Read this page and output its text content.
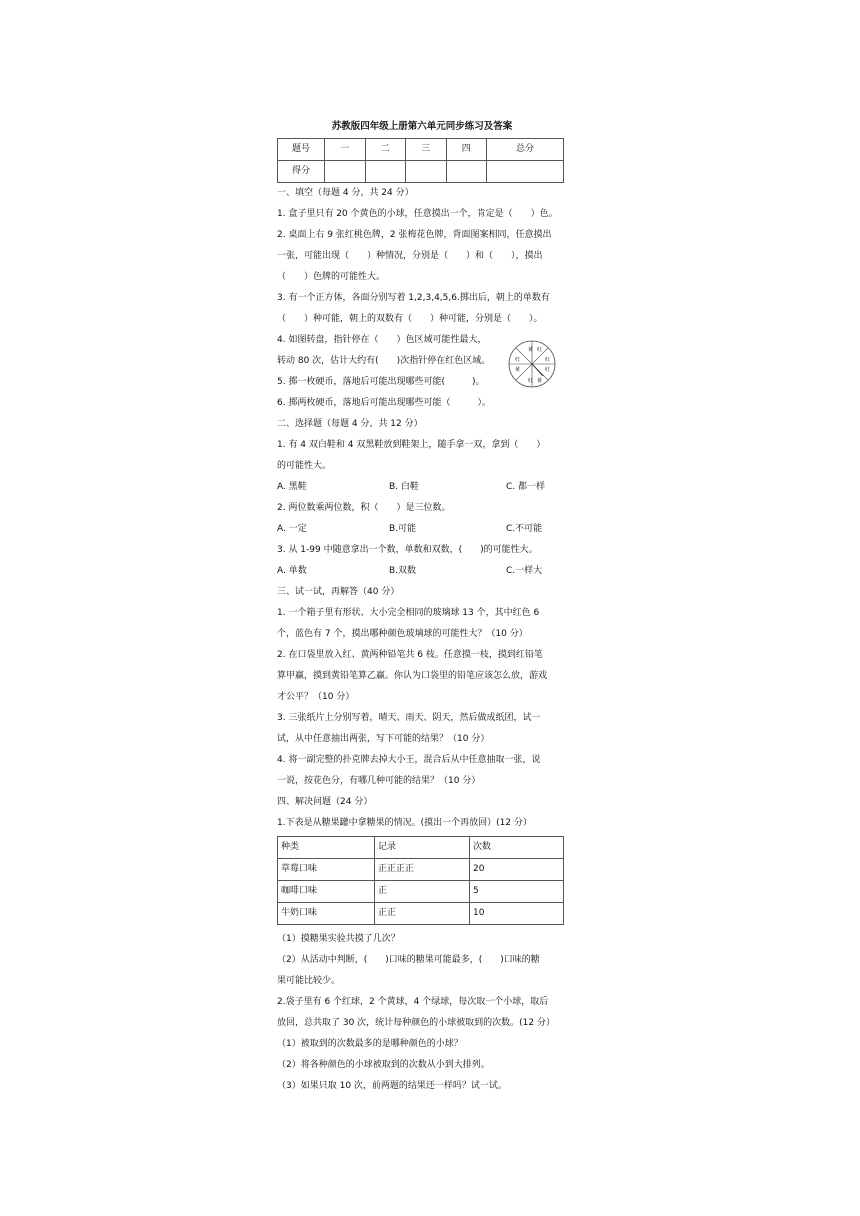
苏教版四年级上册第六单元同步练习及答案
题号	一	二	三	四	总分
得分					
一、填空（每题 4 分，共 24 分）
1. 盒子里只有 20 个黄色的小球，任意摸出一个，肯定是（　　）色。
2. 桌面上右 9 张红桃色牌，2 张梅花色牌，背面图案相同，任意摸出
一张，可能出现（　　）种情况，分别是（　　）和（　　），摸出
（　　）色牌的可能性大。
3. 有一个正方体，各面分别写着 1,2,3,4,5,6.掷出后，朝上的单数有
（　　）种可能，朝上的双数有（　　）种可能，分别是（　　）。
4. 如图转盘，指针停在（　　）色区域可能性最大，
转动 80 次，估计大约有(　　)次指针停在红色区域。
5. 掷一枚硬币，落地后可能出现哪些可能(　　　)。
6. 掷两枚硬币，落地后可能出现哪些可能（　　　）。
黄 红
红
红
黄
红
黄
红
二、选择题（每题 4 分，共 12 分）
1. 有 4 双白鞋和 4 双黑鞋放到鞋架上，随手拿一双，拿到（　　）
的可能性大。
A. 黑鞋	B. 白鞋	C. 都一样
2. 两位数乘两位数，积（　　）是三位数。
A. 一定	B.可能	C.不可能
3. 从 1-99 中随意拿出一个数，单数和双数，(　　)的可能性大。
A. 单数	B.双数	C.一样大
三、试一试，再解答（40 分）
1. 一个箱子里有形状、大小完全相同的玻璃球 13 个，其中红色 6
个，蓝色有 7 个，摸出哪种颜色玻璃球的可能性大？（10 分）
2. 在口袋里放入红、黄两种铅笔共 6 枝。任意摸一枝，摸到红铅笔
算甲赢，摸到黄铅笔算乙赢。你认为口袋里的铅笔应该怎么放，游戏
才公平？（10 分）
3. 三张纸片上分别写着，晴天、雨天、阴天，然后做成纸团，试一
试，从中任意抽出两张，写下可能的结果？（10 分）
4. 将一副完整的扑克牌去掉大小王，混合后从中任意抽取一张，说
一说，按花色分，有哪几种可能的结果？（10 分）
四、解决问题（24 分）
1.下表是从糖果罐中拿糖果的情况。(摸出一个再放回）(12 分）
种类	记录	次数
草莓口味	正正正正	20
咖啡口味	正	5
牛奶口味	正正	10
（1）摸糖果实验共摸了几次？
（2）从活动中判断，(　　)口味的糖果可能最多，(　　)口味的糖
果可能比较少。
2.袋子里有 6 个红球，2 个黄球，4 个绿球，每次取一个小球，取后
放回，总共取了 30 次，统计每种颜色的小球被取到的次数。(12 分）
（1）被取到的次数最多的是哪种颜色的小球？
（2）将各种颜色的小球被取到的次数从小到大排列。
（3）如果只取 10 次，前两题的结果还一样吗？试一试。
